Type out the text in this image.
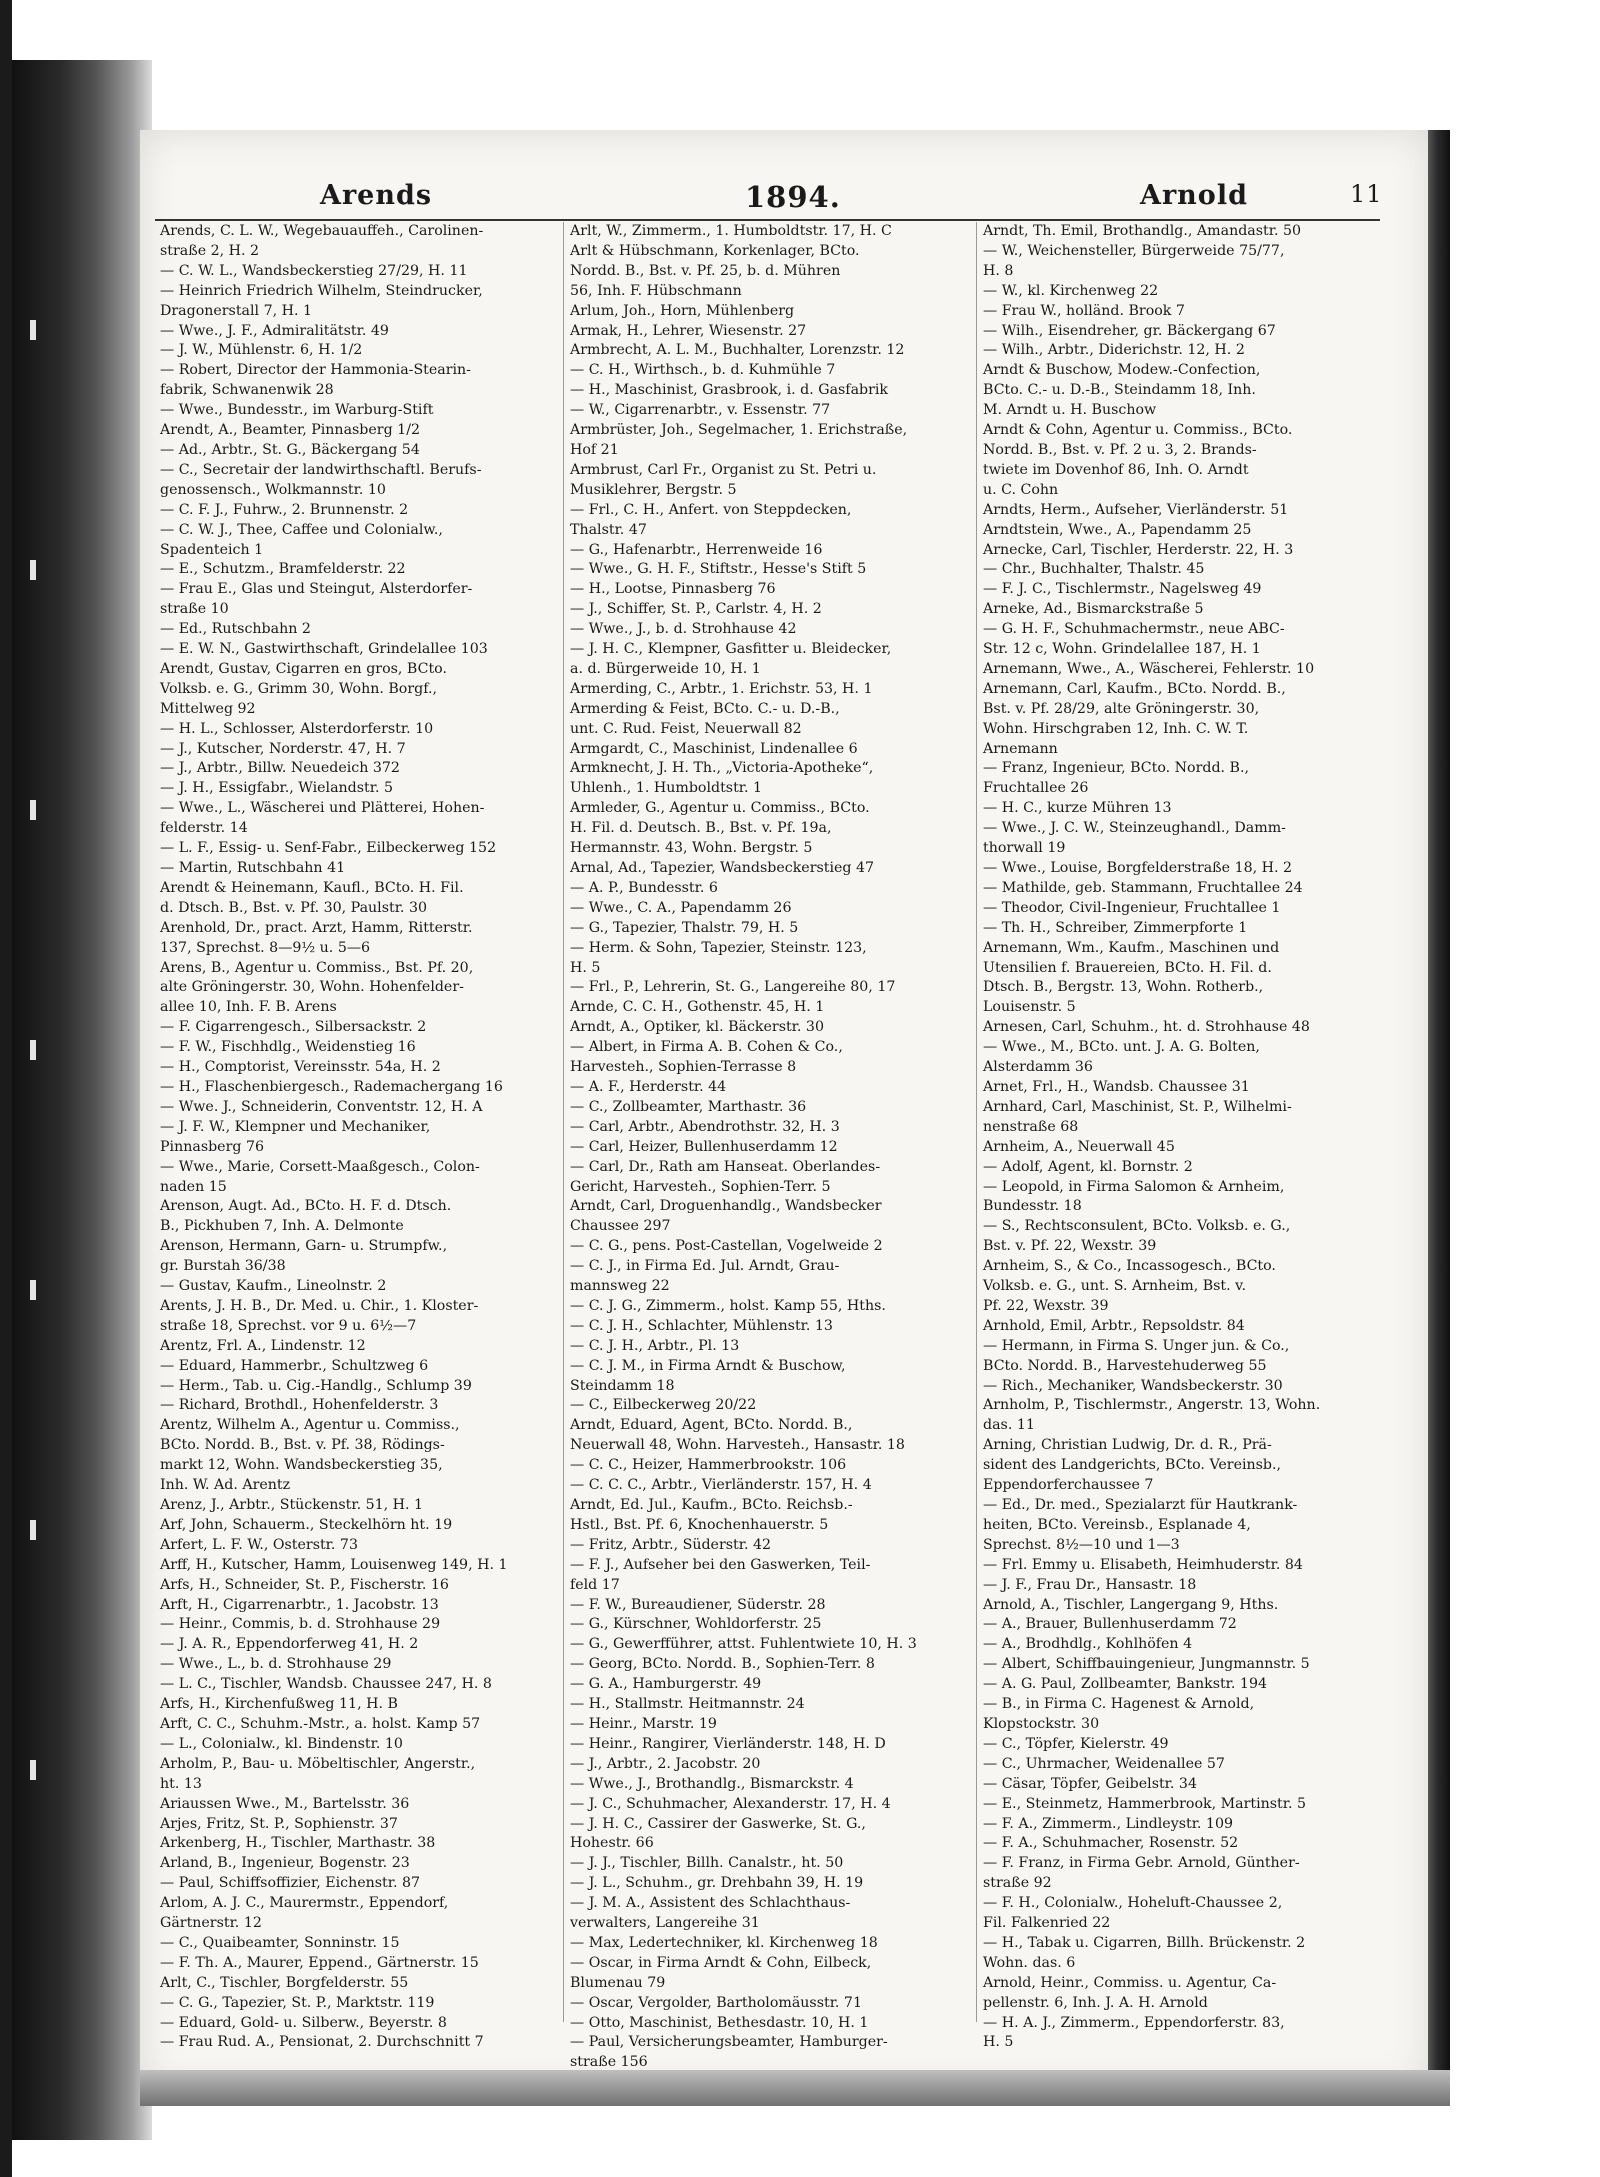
Arends	1894.	Arnold	11

Arends, C. L. W., Wegebauauffeh., Carolinen-

straße 2, H. 2

— C. W. L., Wandsbeckerstieg 27/29, H. 11

— Heinrich Friedrich Wilhelm, Steindrucker,

Dragonerstall 7, H. 1

— Wwe., J. F., Admiralitätstr. 49

— J. W., Mühlenstr. 6, H. 1/2

— Robert, Director der Hammonia-Stearin-

fabrik, Schwanenwik 28

— Wwe., Bundesstr., im Warburg-Stift

Arendt, A., Beamter, Pinnasberg 1/2

— Ad., Arbtr., St. G., Bäckergang 54

— C., Secretair der landwirthschaftl. Berufs-

genossensch., Wolkmannstr. 10

— C. F. J., Fuhrw., 2. Brunnenstr. 2

— C. W. J., Thee, Caffee und Colonialw.,

Spadenteich 1

— E., Schutzm., Bramfelderstr. 22

— Frau E., Glas und Steingut, Alsterdorfer-

straße 10

— Ed., Rutschbahn 2

— E. W. N., Gastwirthschaft, Grindelallee 103

Arendt, Gustav, Cigarren en gros, BCto.

Volksb. e. G., Grimm 30, Wohn. Borgf.,

Mittelweg 92

— H. L., Schlosser, Alsterdorferstr. 10

— J., Kutscher, Norderstr. 47, H. 7

— J., Arbtr., Billw. Neuedeich 372

— J. H., Essigfabr., Wielandstr. 5

— Wwe., L., Wäscherei und Plätterei, Hohen-

felderstr. 14

— L. F., Essig- u. Senf-Fabr., Eilbeckerweg 152

— Martin, Rutschbahn 41

Arendt & Heinemann, Kaufl., BCto. H. Fil.

d. Dtsch. B., Bst. v. Pf. 30, Paulstr. 30

Arenhold, Dr., pract. Arzt, Hamm, Ritterstr.

137, Sprechst. 8—9½ u. 5—6

Arens, B., Agentur u. Commiss., Bst. Pf. 20,

alte Gröningerstr. 30, Wohn. Hohenfelder-

allee 10, Inh. F. B. Arens

— F. Cigarrengesch., Silbersackstr. 2

— F. W., Fischhdlg., Weidenstieg 16

— H., Comptorist, Vereinsstr. 54a, H. 2

— H., Flaschenbiergesch., Rademachergang 16

— Wwe. J., Schneiderin, Conventstr. 12, H. A

— J. F. W., Klempner und Mechaniker,

Pinnasberg 76

— Wwe., Marie, Corsett-Maaßgesch., Colon-

naden 15

Arenson, Augt. Ad., BCto. H. F. d. Dtsch.

B., Pickhuben 7, Inh. A. Delmonte

Arenson, Hermann, Garn- u. Strumpfw.,

gr. Burstah 36/38

— Gustav, Kaufm., Lineolnstr. 2

Arents, J. H. B., Dr. Med. u. Chir., 1. Kloster-

straße 18, Sprechst. vor 9 u. 6½—7

Arentz, Frl. A., Lindenstr. 12

— Eduard, Hammerbr., Schultzweg 6

— Herm., Tab. u. Cig.-Handlg., Schlump 39

— Richard, Brothdl., Hohenfelderstr. 3

Arentz, Wilhelm A., Agentur u. Commiss.,

BCto. Nordd. B., Bst. v. Pf. 38, Rödings-

markt 12, Wohn. Wandsbeckerstieg 35,

Inh. W. Ad. Arentz

Arenz, J., Arbtr., Stückenstr. 51, H. 1

Arf, John, Schauerm., Steckelhörn ht. 19

Arfert, L. F. W., Osterstr. 73

Arff, H., Kutscher, Hamm, Louisenweg 149, H. 1

Arfs, H., Schneider, St. P., Fischerstr. 16

Arft, H., Cigarrenarbtr., 1. Jacobstr. 13

— Heinr., Commis, b. d. Strohhause 29

— J. A. R., Eppendorferweg 41, H. 2

— Wwe., L., b. d. Strohhause 29

— L. C., Tischler, Wandsb. Chaussee 247, H. 8

Arfs, H., Kirchenfußweg 11, H. B

Arft, C. C., Schuhm.-Mstr., a. holst. Kamp 57

— L., Colonialw., kl. Bindenstr. 10

Arholm, P., Bau- u. Möbeltischler, Angerstr.,

ht. 13

Ariaussen Wwe., M., Bartelsstr. 36

Arjes, Fritz, St. P., Sophienstr. 37

Arkenberg, H., Tischler, Marthastr. 38

Arland, B., Ingenieur, Bogenstr. 23

— Paul, Schiffsoffizier, Eichenstr. 87

Arlom, A. J. C., Maurermstr., Eppendorf,

Gärtnerstr. 12

— C., Quaibeamter, Sonninstr. 15

— F. Th. A., Maurer, Eppend., Gärtnerstr. 15

Arlt, C., Tischler, Borgfelderstr. 55

— C. G., Tapezier, St. P., Marktstr. 119

— Eduard, Gold- u. Silberw., Beyerstr. 8

— Frau Rud. A., Pensionat, 2. Durchschnitt 7

Arlt, W., Zimmerm., 1. Humboldtstr. 17, H. C

Arlt & Hübschmann, Korkenlager, BCto.

Nordd. B., Bst. v. Pf. 25, b. d. Mühren

56, Inh. F. Hübschmann

Arlum, Joh., Horn, Mühlenberg

Armak, H., Lehrer, Wiesenstr. 27

Armbrecht, A. L. M., Buchhalter, Lorenzstr. 12

— C. H., Wirthsch., b. d. Kuhmühle 7

— H., Maschinist, Grasbrook, i. d. Gasfabrik

— W., Cigarrenarbtr., v. Essenstr. 77

Armbrüster, Joh., Segelmacher, 1. Erichstraße,

Hof 21

Armbrust, Carl Fr., Organist zu St. Petri u.

Musiklehrer, Bergstr. 5

— Frl., C. H., Anfert. von Steppdecken,

Thalstr. 47

— G., Hafenarbtr., Herrenweide 16

— Wwe., G. H. F., Stiftstr., Hesse's Stift 5

— H., Lootse, Pinnasberg 76

— J., Schiffer, St. P., Carlstr. 4, H. 2

— Wwe., J., b. d. Strohhause 42

— J. H. C., Klempner, Gasfitter u. Bleidecker,

a. d. Bürgerweide 10, H. 1

Armerding, C., Arbtr., 1. Erichstr. 53, H. 1

Armerding & Feist, BCto. C.- u. D.-B.,

unt. C. Rud. Feist, Neuerwall 82

Armgardt, C., Maschinist, Lindenallee 6

Armknecht, J. H. Th., „Victoria-Apotheke“,

Uhlenh., 1. Humboldtstr. 1

Armleder, G., Agentur u. Commiss., BCto.

H. Fil. d. Deutsch. B., Bst. v. Pf. 19a,

Hermannstr. 43, Wohn. Bergstr. 5

Arnal, Ad., Tapezier, Wandsbeckerstieg 47

— A. P., Bundesstr. 6

— Wwe., C. A., Papendamm 26

— G., Tapezier, Thalstr. 79, H. 5

— Herm. & Sohn, Tapezier, Steinstr. 123,

H. 5

— Frl., P., Lehrerin, St. G., Langereihe 80, 17

Arnde, C. C. H., Gothenstr. 45, H. 1

Arndt, A., Optiker, kl. Bäckerstr. 30

— Albert, in Firma A. B. Cohen & Co.,

Harvesteh., Sophien-Terrasse 8

— A. F., Herderstr. 44

— C., Zollbeamter, Marthastr. 36

— Carl, Arbtr., Abendrothstr. 32, H. 3

— Carl, Heizer, Bullenhuserdamm 12

— Carl, Dr., Rath am Hanseat. Oberlandes-

Gericht, Harvesteh., Sophien-Terr. 5

Arndt, Carl, Droguenhandlg., Wandsbecker

Chaussee 297

— C. G., pens. Post-Castellan, Vogelweide 2

— C. J., in Firma Ed. Jul. Arndt, Grau-

mannsweg 22

— C. J. G., Zimmerm., holst. Kamp 55, Hths.

— C. J. H., Schlachter, Mühlenstr. 13

— C. J. H., Arbtr., Pl. 13

— C. J. M., in Firma Arndt & Buschow,

Steindamm 18

— C., Eilbeckerweg 20/22

Arndt, Eduard, Agent, BCto. Nordd. B.,

Neuerwall 48, Wohn. Harvesteh., Hansastr. 18

— C. C., Heizer, Hammerbrookstr. 106

— C. C. C., Arbtr., Vierländerstr. 157, H. 4

Arndt, Ed. Jul., Kaufm., BCto. Reichsb.-

Hstl., Bst. Pf. 6, Knochenhauerstr. 5

— Fritz, Arbtr., Süderstr. 42

— F. J., Aufseher bei den Gaswerken, Teil-

feld 17

— F. W., Bureaudiener, Süderstr. 28

— G., Kürschner, Wohldorferstr. 25

— G., Gewerfführer, attst. Fuhlentwiete 10, H. 3

— Georg, BCto. Nordd. B., Sophien-Terr. 8

— G. A., Hamburgerstr. 49

— H., Stallmstr. Heitmannstr. 24

— Heinr., Marstr. 19

— Heinr., Rangirer, Vierländerstr. 148, H. D

— J., Arbtr., 2. Jacobstr. 20

— Wwe., J., Brothandlg., Bismarckstr. 4

— J. C., Schuhmacher, Alexanderstr. 17, H. 4

— J. H. C., Cassirer der Gaswerke, St. G.,

Hohestr. 66

— J. J., Tischler, Billh. Canalstr., ht. 50

— J. L., Schuhm., gr. Drehbahn 39, H. 19

— J. M. A., Assistent des Schlachthaus-

verwalters, Langereihe 31

— Max, Ledertechniker, kl. Kirchenweg 18

— Oscar, in Firma Arndt & Cohn, Eilbeck,

Blumenau 79

— Oscar, Vergolder, Bartholomäusstr. 71

— Otto, Maschinist, Bethesdastr. 10, H. 1

— Paul, Versicherungsbeamter, Hamburger-

straße 156

Arndt, Th. Emil, Brothandlg., Amandastr. 50

— W., Weichensteller, Bürgerweide 75/77,

H. 8

— W., kl. Kirchenweg 22

— Frau W., holländ. Brook 7

— Wilh., Eisendreher, gr. Bäckergang 67

— Wilh., Arbtr., Diderichstr. 12, H. 2

Arndt & Buschow, Modew.-Confection,

BCto. C.- u. D.-B., Steindamm 18, Inh.

M. Arndt u. H. Buschow

Arndt & Cohn, Agentur u. Commiss., BCto.

Nordd. B., Bst. v. Pf. 2 u. 3, 2. Brands-

twiete im Dovenhof 86, Inh. O. Arndt

u. C. Cohn

Arndts, Herm., Aufseher, Vierländerstr. 51

Arndtstein, Wwe., A., Papendamm 25

Arnecke, Carl, Tischler, Herderstr. 22, H. 3

— Chr., Buchhalter, Thalstr. 45

— F. J. C., Tischlermstr., Nagelsweg 49

Arneke, Ad., Bismarckstraße 5

— G. H. F., Schuhmachermstr., neue ABC-

Str. 12 c, Wohn. Grindelallee 187, H. 1

Arnemann, Wwe., A., Wäscherei, Fehlerstr. 10

Arnemann, Carl, Kaufm., BCto. Nordd. B.,

Bst. v. Pf. 28/29, alte Gröningerstr. 30,

Wohn. Hirschgraben 12, Inh. C. W. T.

Arnemann

— Franz, Ingenieur, BCto. Nordd. B.,

Fruchtallee 26

— H. C., kurze Mühren 13

— Wwe., J. C. W., Steinzeughandl., Damm-

thorwall 19

— Wwe., Louise, Borgfelderstraße 18, H. 2

— Mathilde, geb. Stammann, Fruchtallee 24

— Theodor, Civil-Ingenieur, Fruchtallee 1

— Th. H., Schreiber, Zimmerpforte 1

Arnemann, Wm., Kaufm., Maschinen und

Utensilien f. Brauereien, BCto. H. Fil. d.

Dtsch. B., Bergstr. 13, Wohn. Rotherb.,

Louisenstr. 5

Arnesen, Carl, Schuhm., ht. d. Strohhause 48

— Wwe., M., BCto. unt. J. A. G. Bolten,

Alsterdamm 36

Arnet, Frl., H., Wandsb. Chaussee 31

Arnhard, Carl, Maschinist, St. P., Wilhelmi-

nenstraße 68

Arnheim, A., Neuerwall 45

— Adolf, Agent, kl. Bornstr. 2

— Leopold, in Firma Salomon & Arnheim,

Bundesstr. 18

— S., Rechtsconsulent, BCto. Volksb. e. G.,

Bst. v. Pf. 22, Wexstr. 39

Arnheim, S., & Co., Incassogesch., BCto.

Volksb. e. G., unt. S. Arnheim, Bst. v.

Pf. 22, Wexstr. 39

Arnhold, Emil, Arbtr., Repsoldstr. 84

— Hermann, in Firma S. Unger jun. & Co.,

BCto. Nordd. B., Harvestehuderweg 55

— Rich., Mechaniker, Wandsbeckerstr. 30

Arnholm, P., Tischlermstr., Angerstr. 13, Wohn.

das. 11

Arning, Christian Ludwig, Dr. d. R., Prä-

sident des Landgerichts, BCto. Vereinsb.,

Eppendorferchaussee 7

— Ed., Dr. med., Spezialarzt für Hautkrank-

heiten, BCto. Vereinsb., Esplanade 4,

Sprechst. 8½—10 und 1—3

— Frl. Emmy u. Elisabeth, Heimhuderstr. 84

— J. F., Frau Dr., Hansastr. 18

Arnold, A., Tischler, Langergang 9, Hths.

— A., Brauer, Bullenhuserdamm 72

— A., Brodhdlg., Kohlhöfen 4

— Albert, Schiffbauingenieur, Jungmannstr. 5

— A. G. Paul, Zollbeamter, Bankstr. 194

— B., in Firma C. Hagenest & Arnold,

Klopstockstr. 30

— C., Töpfer, Kielerstr. 49

— C., Uhrmacher, Weidenallee 57

— Cäsar, Töpfer, Geibelstr. 34

— E., Steinmetz, Hammerbrook, Martinstr. 5

— F. A., Zimmerm., Lindleystr. 109

— F. A., Schuhmacher, Rosenstr. 52

— F. Franz, in Firma Gebr. Arnold, Günther-

straße 92

— F. H., Colonialw., Hoheluft-Chaussee 2,

Fil. Falkenried 22

— H., Tabak u. Cigarren, Billh. Brückenstr. 2

Wohn. das. 6

Arnold, Heinr., Commiss. u. Agentur, Ca-

pellenstr. 6, Inh. J. A. H. Arnold

— H. A. J., Zimmerm., Eppendorferstr. 83,

H. 5
